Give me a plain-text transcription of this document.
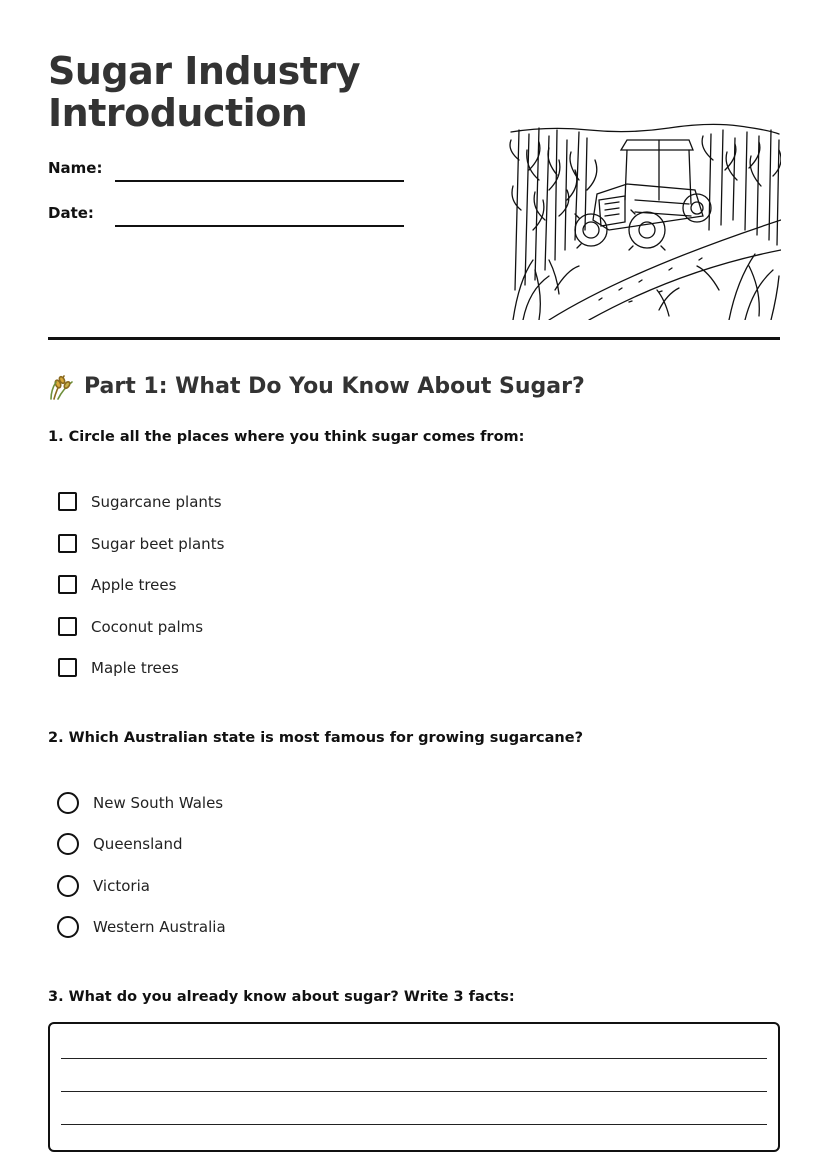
Sugar Industry
Introduction
Name:
Date:
Part 1: What Do You Know About Sugar?

1. Circle all the places where you think sugar comes from:

Sugarcane plants
Sugar beet plants
Apple trees
Coconut palms
Maple trees

2. Which Australian state is most famous for growing sugarcane?

New South Wales
Queensland
Victoria
Western Australia

3. What do you already know about sugar? Write 3 facts:
